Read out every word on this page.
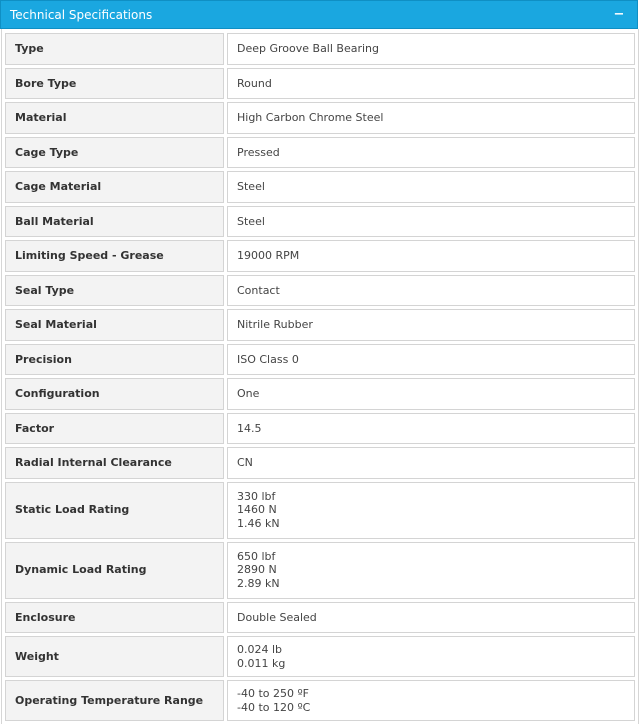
Technical Specifications	−
Type	Deep Groove Ball Bearing

Bore Type	Round

Material	High Carbon Chrome Steel

Cage Type	Pressed

Cage Material	Steel

Ball Material	Steel

Limiting Speed - Grease	19000 RPM

Seal Type	Contact

Seal Material	Nitrile Rubber

Precision	ISO Class 0

Configuration	One

Factor	14.5

Radial Internal Clearance	CN

Static Load Rating	330 lbf
1460 N
1.46 kN

Dynamic Load Rating	650 lbf
2890 N
2.89 kN

Enclosure	Double Sealed

Weight	0.024 lb
0.011 kg

Operating Temperature Range	-40 to 250 ºF
-40 to 120 ºC
